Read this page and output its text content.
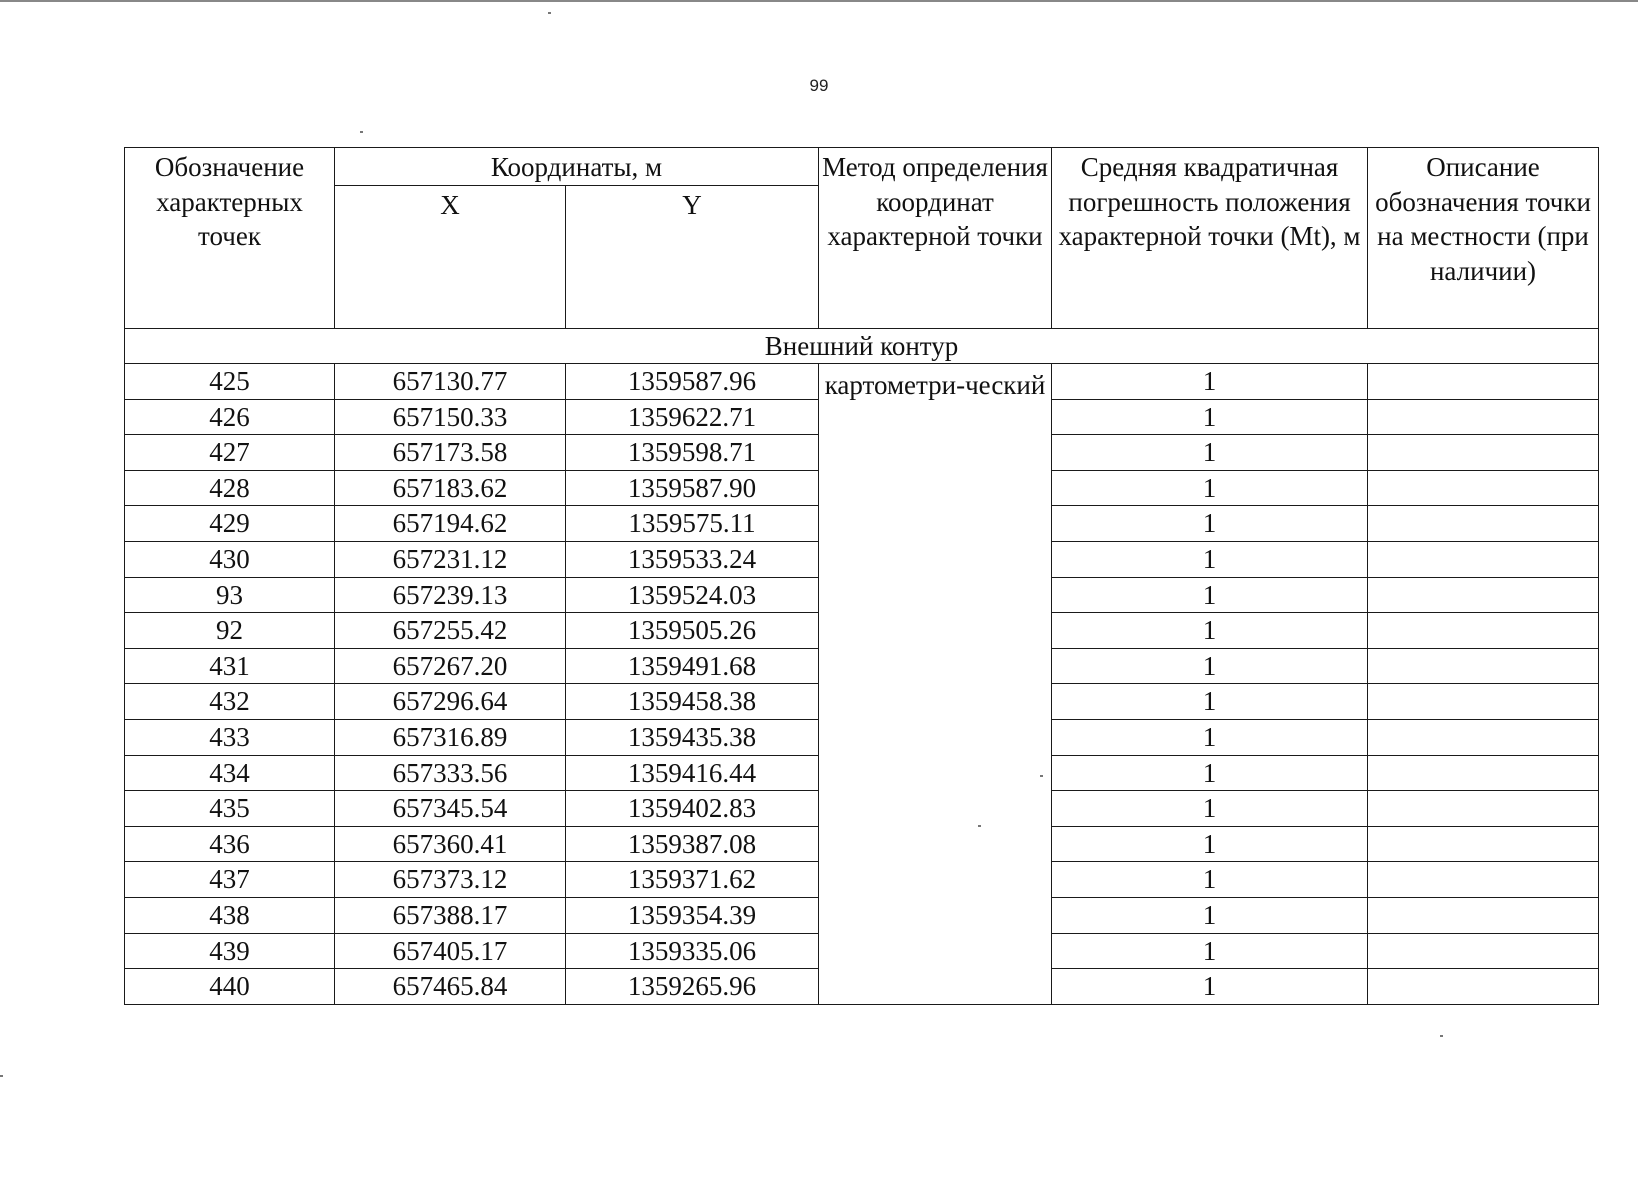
99
Обозначение характерных точек	Координаты, м		Метод определения координат характерной точки	Средняя квадратичная погрешность положения характерной точки (Mt), м	Описание обозначения точки на местности (при наличии)
	X	Y			
Внешний контур					
425	657130.77	1359587.96	картометри-ческий	1	
426	657150.33	1359622.71		1	
427	657173.58	1359598.71		1	
428	657183.62	1359587.90		1	
429	657194.62	1359575.11		1	
430	657231.12	1359533.24		1	
93	657239.13	1359524.03		1	
92	657255.42	1359505.26		1	
431	657267.20	1359491.68		1	
432	657296.64	1359458.38		1	
433	657316.89	1359435.38		1	
434	657333.56	1359416.44		1	
435	657345.54	1359402.83		1	
436	657360.41	1359387.08		1	
437	657373.12	1359371.62		1	
438	657388.17	1359354.39		1	
439	657405.17	1359335.06		1	
440	657465.84	1359265.96		1	
